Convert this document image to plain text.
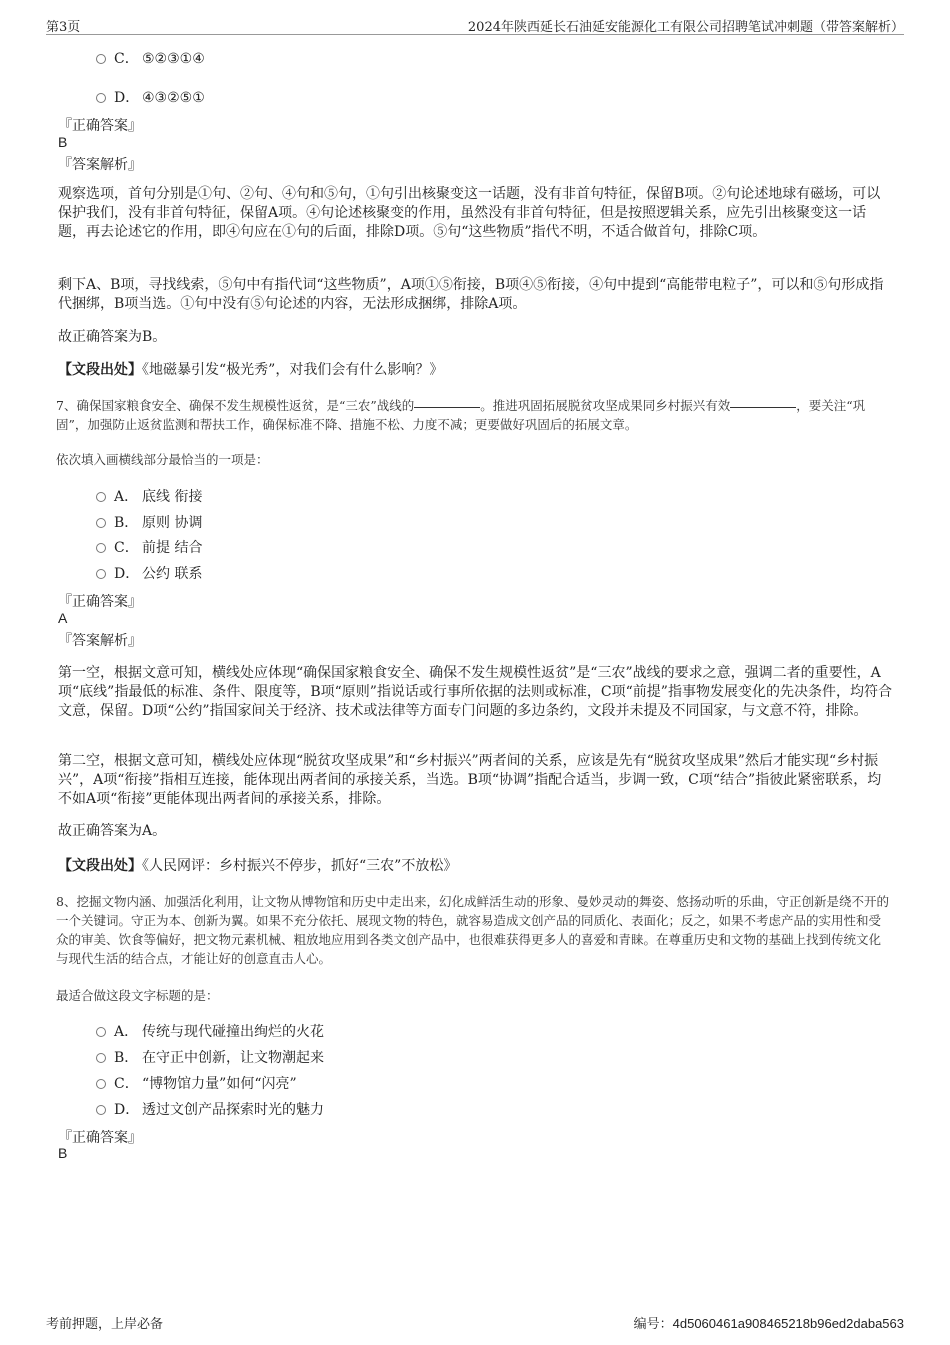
第3页	2024年陕西延长石油延安能源化工有限公司招聘笔试冲刺题（带答案解析）
C． ⑤②③①④
D． ④③②⑤①
『正确答案』
B
『答案解析』
观察选项，首句分别是①句、②句、④句和⑤句，①句引出核聚变这一话题，没有非首句特征，保留B项。②句论述地球有磁场，可以保护我们，没有非首句特征，保留A项。④句论述核聚变的作用，虽然没有非首句特征，但是按照逻辑关系，应先引出核聚变这一话题，再去论述它的作用，即④句应在①句的后面，排除D项。⑤句“这些物质”指代不明，不适合做首句，排除C项。
剩下A、B项，寻找线索，⑤句中有指代词“这些物质”，A项①⑤衔接，B项④⑤衔接，④句中提到“高能带电粒子”，可以和⑤句形成指代捆绑，B项当选。①句中没有⑤句论述的内容，无法形成捆绑，排除A项。
故正确答案为B。
【文段出处】《地磁暴引发“极光秀”，对我们会有什么影响？》
7、确保国家粮食安全、确保不发生规模性返贫，是“三农”战线的	。推进巩固拓展脱贫攻坚成果同乡村振兴有效	，要关注“巩固”，加强防止返贫监测和帮扶工作，确保标准不降、措施不松、力度不减；更要做好巩固后的拓展文章。
依次填入画横线部分最恰当的一项是：
A． 底线 衔接
B． 原则 协调
C． 前提 结合
D． 公约 联系
『正确答案』
A
『答案解析』
第一空，根据文意可知，横线处应体现“确保国家粮食安全、确保不发生规模性返贫”是“三农”战线的要求之意，强调二者的重要性，A项“底线”指最低的标准、条件、限度等，B项“原则”指说话或行事所依据的法则或标准，C项“前提”指事物发展变化的先决条件，均符合文意，保留。D项“公约”指国家间关于经济、技术或法律等方面专门问题的多边条约，文段并未提及不同国家，与文意不符，排除。
第二空，根据文意可知，横线处应体现“脱贫攻坚成果”和“乡村振兴”两者间的关系，应该是先有“脱贫攻坚成果”然后才能实现“乡村振兴”，A项“衔接”指相互连接，能体现出两者间的承接关系，当选。B项“协调”指配合适当，步调一致，C项“结合”指彼此紧密联系，均不如A项“衔接”更能体现出两者间的承接关系，排除。
故正确答案为A。
【文段出处】《人民网评：乡村振兴不停步，抓好“三农”不放松》
8、挖掘文物内涵、加强活化利用，让文物从博物馆和历史中走出来，幻化成鲜活生动的形象、曼妙灵动的舞姿、悠扬动听的乐曲，守正创新是绕不开的一个关键词。守正为本、创新为翼。如果不充分依托、展现文物的特色，就容易造成文创产品的同质化、表面化；反之，如果不考虑产品的实用性和受众的审美、饮食等偏好，把文物元素机械、粗放地应用到各类文创产品中，也很难获得更多人的喜爱和青睐。在尊重历史和文物的基础上找到传统文化与现代生活的结合点，才能让好的创意直击人心。
最适合做这段文字标题的是：
A． 传统与现代碰撞出绚烂的火花
B． 在守正中创新，让文物潮起来
C． “博物馆力量”如何“闪亮”
D． 透过文创产品探索时光的魅力
『正确答案』
B
考前押题，上岸必备	编号：4d5060461a908465218b96ed2daba563
